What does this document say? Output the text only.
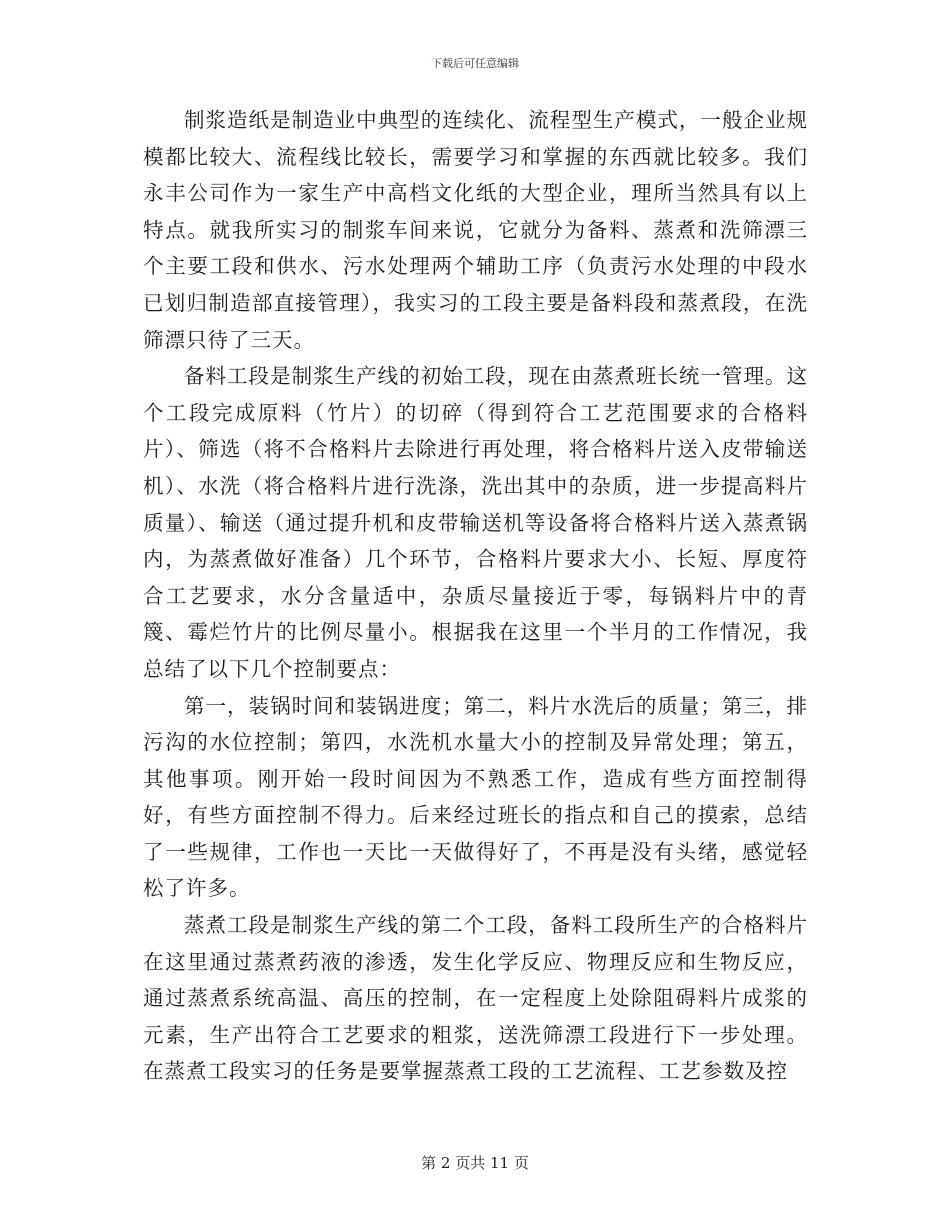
下载后可任意编辑

制浆造纸是制造业中典型的连续化、流程型生产模式，一般企业规模都比较大、流程线比较长，需要学习和掌握的东西就比较多。我们永丰公司作为一家生产中高档文化纸的大型企业，理所当然具有以上特点。就我所实习的制浆车间来说，它就分为备料、蒸煮和洗筛漂三个主要工段和供水、污水处理两个辅助工序（负责污水处理的中段水已划归制造部直接管理），我实习的工段主要是备料段和蒸煮段，在洗筛漂只待了三天。

备料工段是制浆生产线的初始工段，现在由蒸煮班长统一管理。这个工段完成原料（竹片）的切碎（得到符合工艺范围要求的合格料片）、筛选（将不合格料片去除进行再处理，将合格料片送入皮带输送机）、水洗（将合格料片进行洗涤，洗出其中的杂质，进一步提高料片质量）、输送（通过提升机和皮带输送机等设备将合格料片送入蒸煮锅内，为蒸煮做好准备）几个环节，合格料片要求大小、长短、厚度符合工艺要求，水分含量适中，杂质尽量接近于零，每锅料片中的青篾、霉烂竹片的比例尽量小。根据我在这里一个半月的工作情况，我总结了以下几个控制要点：

第一，装锅时间和装锅进度；第二，料片水洗后的质量；第三，排污沟的水位控制；第四，水洗机水量大小的控制及异常处理；第五，其他事项。刚开始一段时间因为不熟悉工作，造成有些方面控制得好，有些方面控制不得力。后来经过班长的指点和自己的摸索，总结了一些规律，工作也一天比一天做得好了，不再是没有头绪，感觉轻松了许多。

蒸煮工段是制浆生产线的第二个工段，备料工段所生产的合格料片在这里通过蒸煮药液的渗透，发生化学反应、物理反应和生物反应，通过蒸煮系统高温、高压的控制，在一定程度上处除阻碍料片成浆的元素，生产出符合工艺要求的粗浆，送洗筛漂工段进行下一步处理。在蒸煮工段实习的任务是要掌握蒸煮工段的工艺流程、工艺参数及控

第 2 页共 11 页
